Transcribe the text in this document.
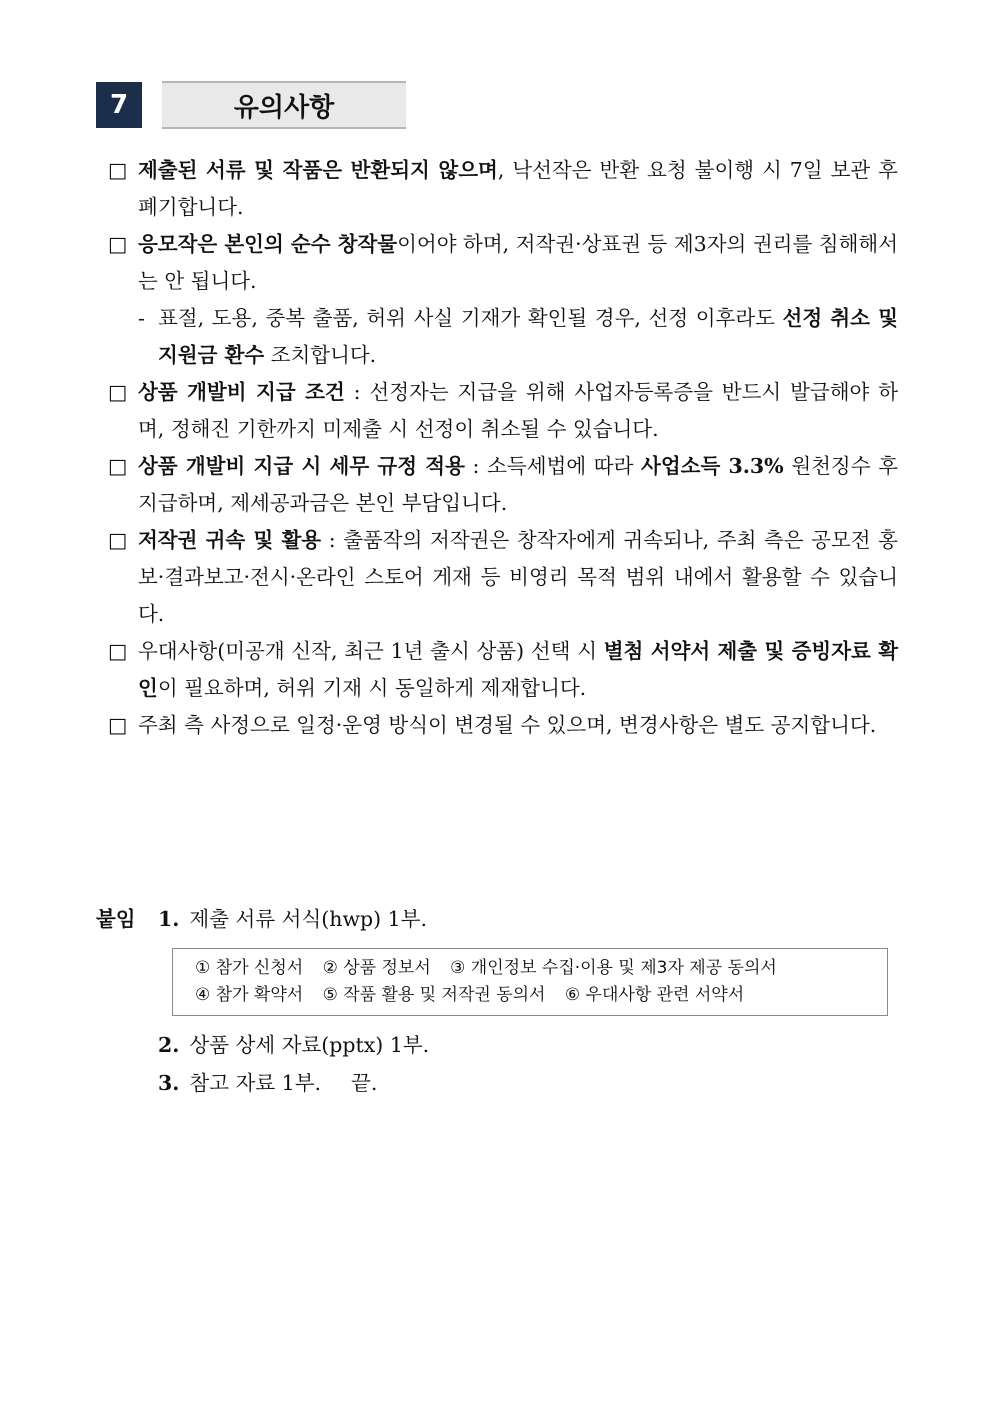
7	유의사항
□ 제출된 서류 및 작품은 반환되지 않으며, 낙선작은 반환 요청 불이행 시 7일 보관 후 폐기합니다.
□ 응모작은 본인의 순수 창작물이어야 하며, 저작권·상표권 등 제3자의 권리를 침해해서는 안 됩니다.
- 표절, 도용, 중복 출품, 허위 사실 기재가 확인될 경우, 선정 이후라도 선정 취소 및 지원금 환수 조치합니다.
□ 상품 개발비 지급 조건 : 선정자는 지급을 위해 사업자등록증을 반드시 발급해야 하며, 정해진 기한까지 미제출 시 선정이 취소될 수 있습니다.
□ 상품 개발비 지급 시 세무 규정 적용 : 소득세법에 따라 사업소득 3.3% 원천징수 후 지급하며, 제세공과금은 본인 부담입니다.
□ 저작권 귀속 및 활용 : 출품작의 저작권은 창작자에게 귀속되나, 주최 측은 공모전 홍보·결과보고·전시·온라인 스토어 게재 등 비영리 목적 범위 내에서 활용할 수 있습니다.
□ 우대사항(미공개 신작, 최근 1년 출시 상품) 선택 시 별첨 서약서 제출 및 증빙자료 확인이 필요하며, 허위 기재 시 동일하게 제재합니다.
□ 주최 측 사정으로 일정·운영 방식이 변경될 수 있으며, 변경사항은 별도 공지합니다.
붙임 1. 제출 서류 서식(hwp) 1부.
① 참가 신청서 ② 상품 정보서 ③ 개인정보 수집·이용 및 제3자 제공 동의서
④ 참가 확약서 ⑤ 작품 활용 및 저작권 동의서 ⑥ 우대사항 관련 서약서
2. 상품 상세 자료(pptx) 1부.
3. 참고 자료 1부. 끝.
